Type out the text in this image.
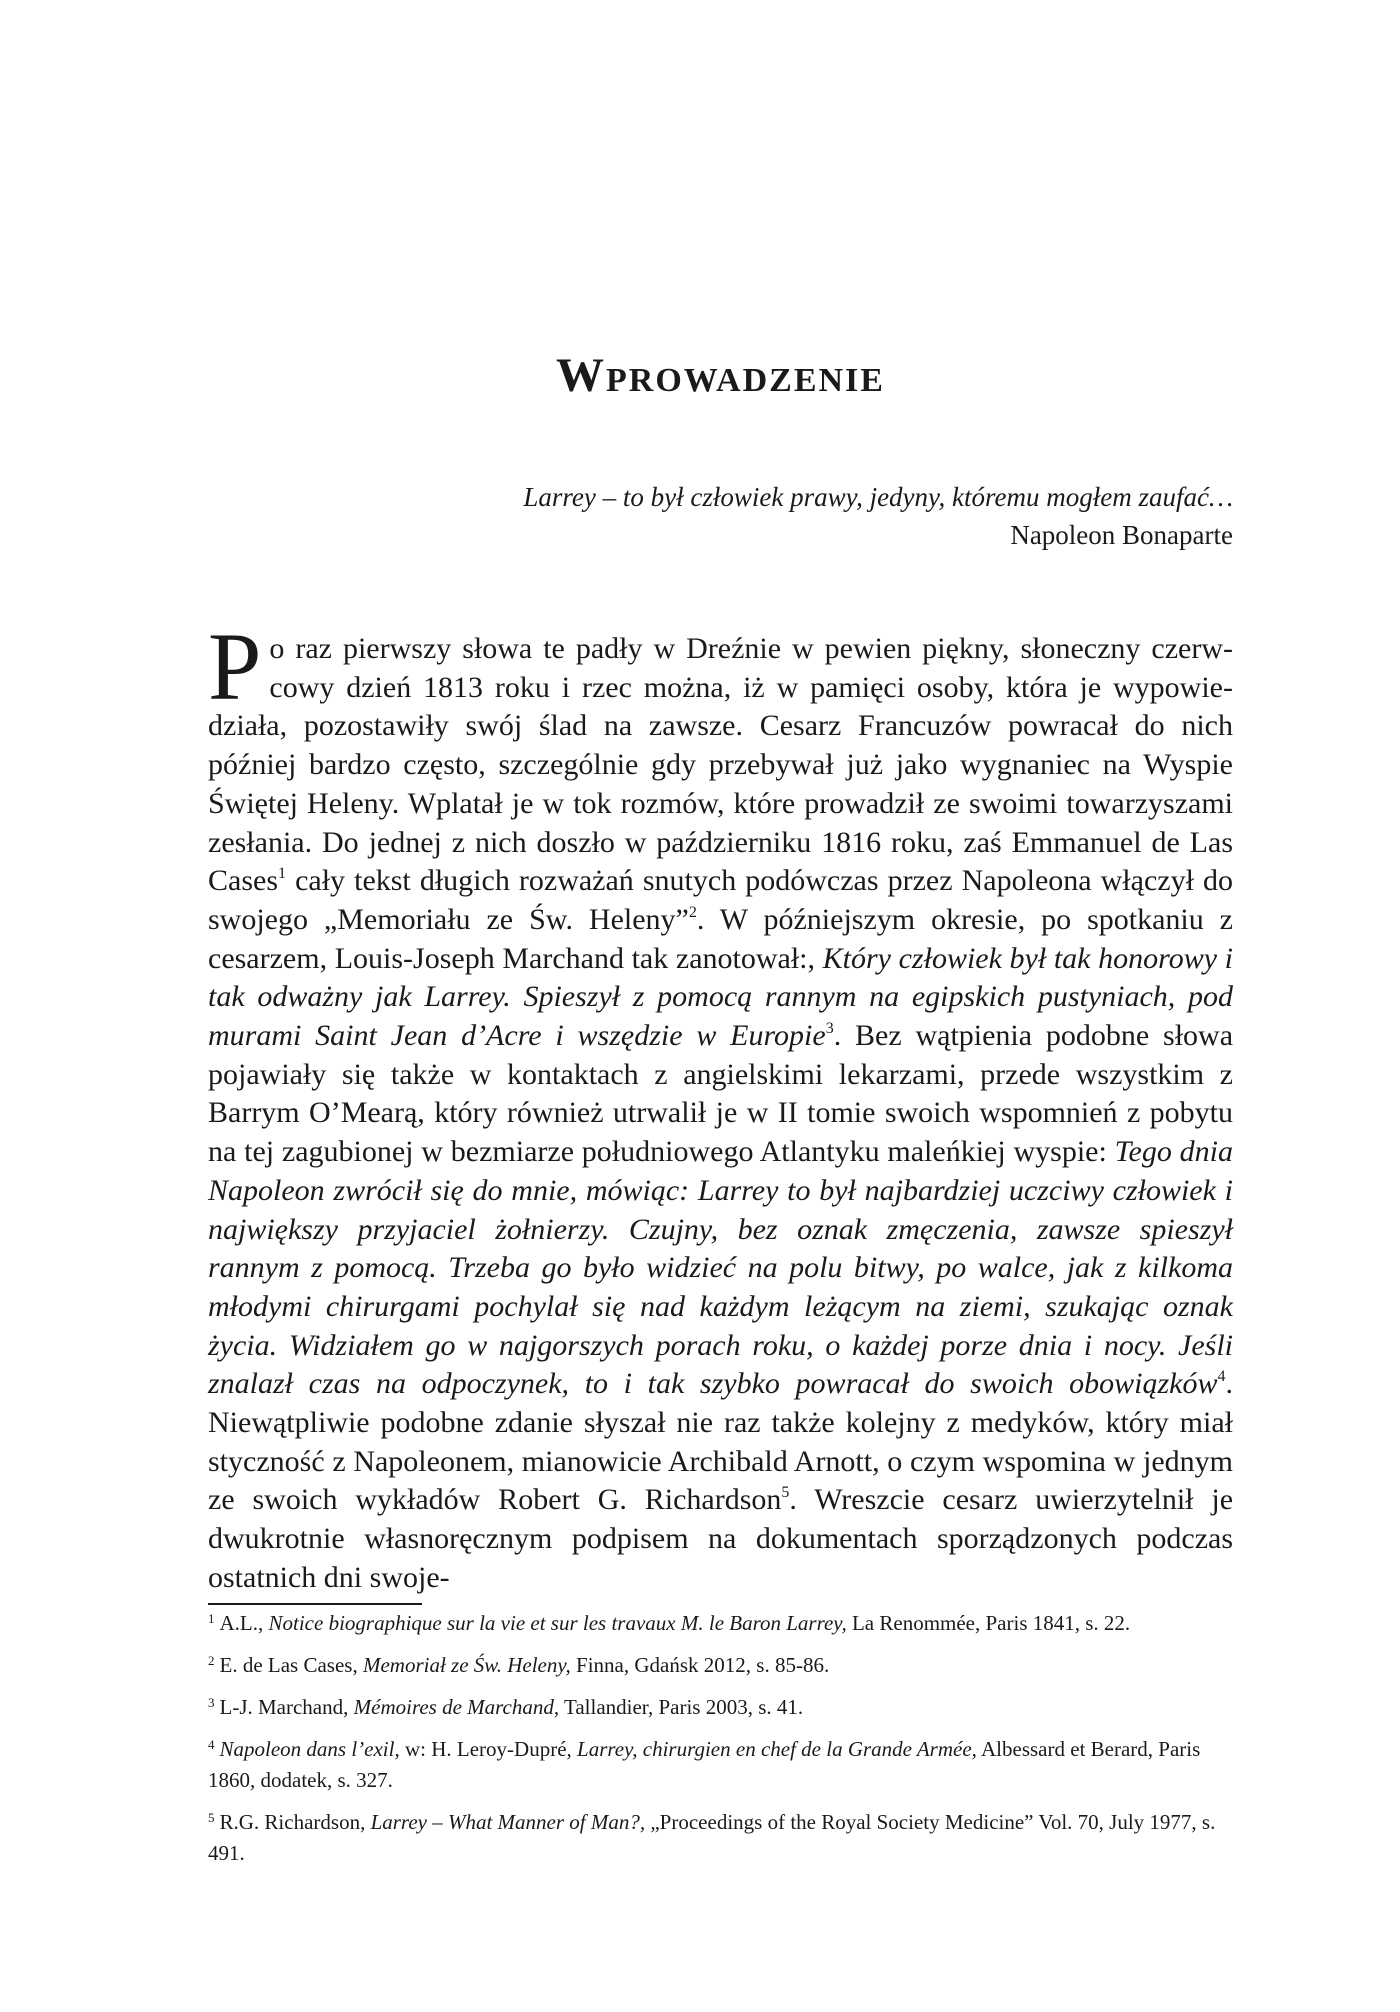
Wprowadzenie
Larrey – to był człowiek prawy, jedyny, któremu mogłem zaufać…
Napoleon Bonaparte

Po raz pierwszy słowa te padły w Dreźnie w pewien piękny, słoneczny czerwcowy dzień 1813 roku i rzec można, iż w pamięci osoby, która je wypowiedziała, pozostawiły swój ślad na zawsze. Cesarz Francuzów powracał do nich później bardzo często, szczególnie gdy przebywał już jako wygnaniec na Wyspie Świętej Heleny. Wplatał je w tok rozmów, które prowadził ze swoimi towarzyszami zesłania. Do jednej z nich doszło w październiku 1816 roku, zaś Emmanuel de Las Cases$^1$ cały tekst długich rozważań snutych podówczas przez Napoleona włączył do swojego „Memoriału ze Św. Heleny”$^2$. W późniejszym okresie, po spotkaniu z cesarzem, Louis-Joseph Marchand tak zanotował:, Który człowiek był tak honorowy i tak odważny jak Larrey. Spieszył z pomocą rannym na egipskich pustyniach, pod murami Saint Jean d’Acre i wszędzie w Europie$^3$. Bez wątpienia podobne słowa pojawiały się także w kontaktach z angielskimi lekarzami, przede wszystkim z Barrym O’Mearą, który również utrwalił je w II tomie swoich wspomnień z pobytu na tej zagubionej w bezmiarze południowego Atlantyku maleńkiej wyspie: Tego dnia Napoleon zwrócił się do mnie, mówiąc: Larrey to był najbardziej uczciwy człowiek i największy przyjaciel żołnierzy. Czujny, bez oznak zmęczenia, zawsze spieszył rannym z pomocą. Trzeba go było widzieć na polu bitwy, po walce, jak z kilkoma młodymi chirurgami pochylał się nad każdym leżącym na ziemi, szukając oznak życia. Widziałem go w najgorszych porach roku, o każdej porze dnia i nocy. Jeśli znalazł czas na odpoczynek, to i tak szybko powracał do swoich obowiązków$^4$. Niewątpliwie podobne zdanie słyszał nie raz także kolejny z medyków, który miał styczność z Napoleonem, mianowicie Archibald Arnott, o czym wspomina w jednym ze swoich wykładów Robert G. Richardson$^5$. Wreszcie cesarz uwierzytelnił je dwukrotnie własnoręcznym podpisem na dokumentach sporządzonych podczas ostatnich dni swoje-

$^1$ A.L., Notice biographique sur la vie et sur les travaux M. le Baron Larrey, La Renommée, Paris 1841, s. 22.

$^2$ E. de Las Cases, Memoriał ze Św. Heleny, Finna, Gdańsk 2012, s. 85-86.

$^3$ L-J. Marchand, Mémoires de Marchand, Tallandier, Paris 2003, s. 41.

$^4$ Napoleon dans l’exil, w: H. Leroy-Dupré, Larrey, chirurgien en chef de la Grande Armée, Albessard et Berard, Paris 1860, dodatek, s. 327.

$^5$ R.G. Richardson, Larrey – What Manner of Man?, „Proceedings of the Royal Society Medicine” Vol. 70, July 1977, s. 491.
